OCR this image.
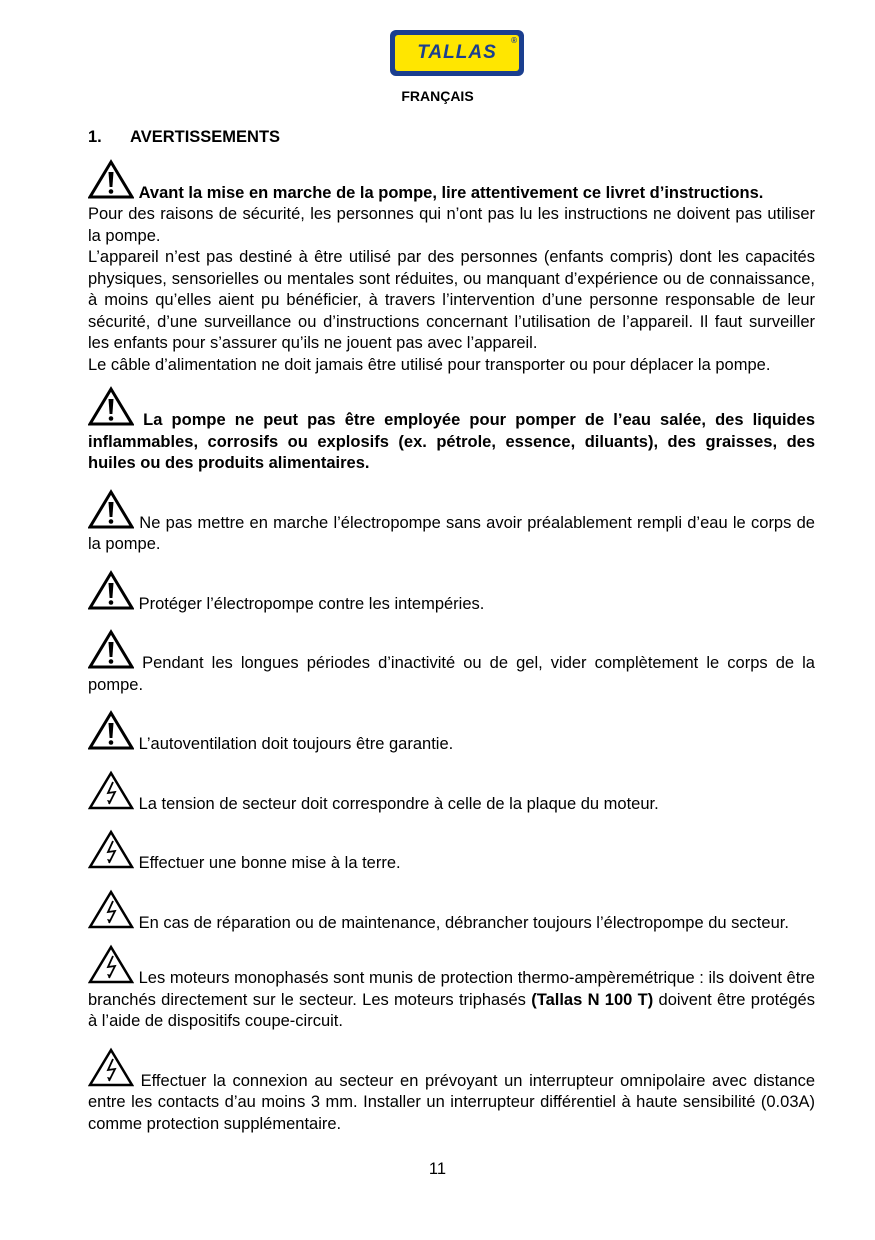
TALLAS
®
FRANÇAIS
1. AVERTISSEMENTS

Avant la mise en marche de la pompe, lire attentivement ce livret d’instructions.

Pour des raisons de sécurité, les personnes qui n’ont pas lu les instructions ne doivent pas utiliser la pompe.

L’appareil n’est pas destiné à être utilisé par des personnes (enfants compris) dont les capacités physiques, sensorielles ou mentales sont réduites, ou manquant d’expérience ou de connaissance, à moins qu’elles aient pu bénéficier, à travers l’intervention d’une personne responsable de leur sécurité, d’une surveillance ou d’instructions concernant l’utilisation de l’appareil. Il faut surveiller les enfants pour s’assurer qu’ils ne jouent pas avec l’appareil.

Le câble d’alimentation ne doit jamais être utilisé pour transporter ou pour déplacer la pompe.

La pompe ne peut pas être employée pour pomper de l’eau salée, des liquides inflammables, corrosifs ou explosifs (ex. pétrole, essence, diluants), des graisses, des huiles ou des produits alimentaires.

Ne pas mettre en marche l’électropompe sans avoir préalablement rempli d’eau le corps de la pompe.

Protéger l’électropompe contre les intempéries.

Pendant les longues périodes d’inactivité ou de gel, vider complètement le corps de la pompe.

L’autoventilation doit toujours être garantie.

La tension de secteur doit correspondre à celle de la plaque du moteur.

Effectuer une bonne mise à la terre.

En cas de réparation ou de maintenance, débrancher toujours l’électropompe du secteur.

Les moteurs monophasés sont munis de protection thermo-ampèremétrique : ils doivent être branchés directement sur le secteur. Les moteurs triphasés (Tallas N 100 T) doivent être protégés à l’aide de dispositifs coupe-circuit.

Effectuer la connexion au secteur en prévoyant un interrupteur omnipolaire avec distance entre les contacts d’au moins 3 mm. Installer un interrupteur différentiel à haute sensibilité (0.03A) comme protection supplémentaire.

11
